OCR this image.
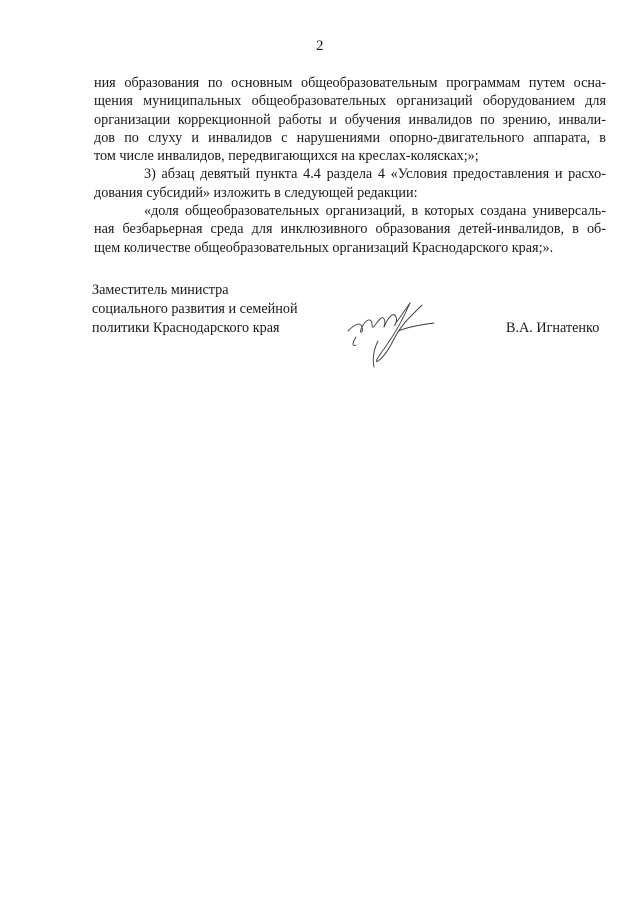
2
ния образования по основным общеобразовательным программам путем осна-
щения муниципальных общеобразовательных организаций оборудованием для
организации коррекционной работы и обучения инвалидов по зрению, инвали-
дов по слуху и инвалидов с нарушениями опорно-двигательного аппарата, в
том числе инвалидов, передвигающихся на креслах-колясках;»;
3) абзац девятый пункта 4.4 раздела 4 «Условия предоставления и расхо-
дования субсидий» изложить в следующей редакции:
«доля общеобразовательных организаций, в которых создана универсаль-
ная безбарьерная среда для инклюзивного образования детей-инвалидов, в об-
щем количестве общеобразовательных организаций Краснодарского края;».
Заместитель министра
социального развития и семейной
политики Краснодарского края	В.А. Игнатенко
